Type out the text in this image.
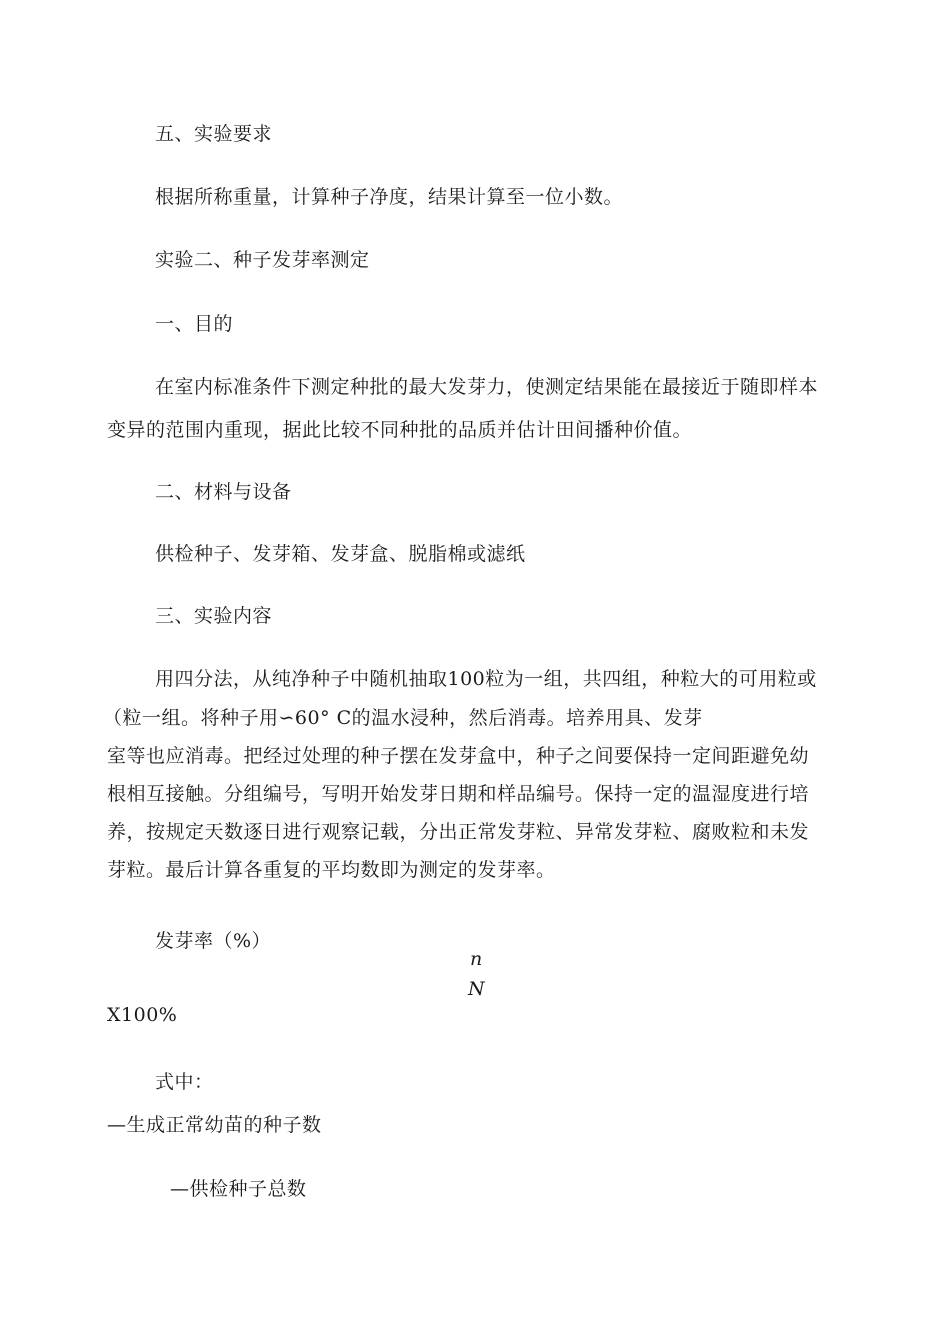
五、实验要求
根据所称重量，计算种子净度，结果计算至一位小数。
实验二、种子发芽率测定
一、目的
在室内标准条件下测定种批的最大发芽力，使测定结果能在最接近于随即样本
变异的范围内重现，据此比较不同种批的品质并估计田间播种价值。
二、材料与设备
供检种子、发芽箱、发芽盒、脱脂棉或滤纸
三、实验内容
用四分法，从纯净种子中随机抽取100粒为一组，共四组，种粒大的可用粒或
（粒一组。将种子用∽60° C的温水浸种，然后消毒。培养用具、发芽
室等也应消毒。把经过处理的种子摆在发芽盒中，种子之间要保持一定间距避免幼
根相互接触。分组编号，写明开始发芽日期和样品编号。保持一定的温湿度进行培
养，按规定天数逐日进行观察记载，分出正常发芽粒、异常发芽粒、腐败粒和未发
芽粒。最后计算各重复的平均数即为测定的发芽率。
发芽率（%）
n
N
X100%
式中：
—生成正常幼苗的种子数
—供检种子总数
